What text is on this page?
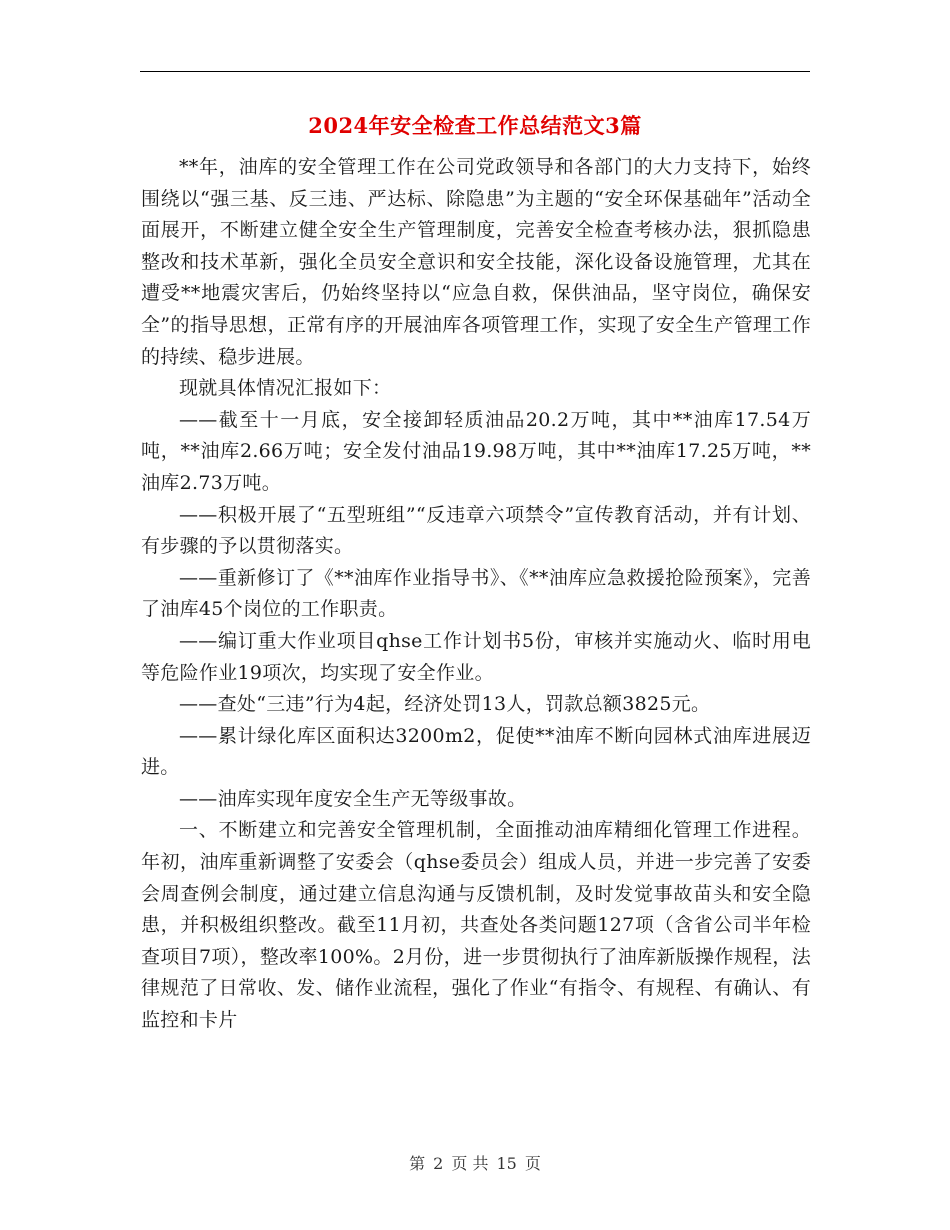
2024年安全检查工作总结范文3篇

**年，油库的安全管理工作在公司党政领导和各部门的大力支持下，始终围绕以“强三基、反三违、严达标、除隐患”为主题的“安全环保基础年”活动全面展开，不断建立健全安全生产管理制度，完善安全检查考核办法，狠抓隐患整改和技术革新，强化全员安全意识和安全技能，深化设备设施管理，尤其在遭受**地震灾害后，仍始终坚持以“应急自救，保供油品，坚守岗位，确保安全”的指导思想，正常有序的开展油库各项管理工作，实现了安全生产管理工作的持续、稳步进展。

现就具体情况汇报如下：

——截至十一月底，安全接卸轻质油品20.2万吨，其中**油库17.54万吨，**油库2.66万吨；安全发付油品19.98万吨，其中**油库17.25万吨，**油库2.73万吨。

——积极开展了“五型班组”“反违章六项禁令”宣传教育活动，并有计划、有步骤的予以贯彻落实。

——重新修订了《**油库作业指导书》、《**油库应急救援抢险预案》，完善了油库45个岗位的工作职责。

——编订重大作业项目qhse工作计划书5份，审核并实施动火、临时用电等危险作业19项次，均实现了安全作业。

——查处“三违”行为4起，经济处罚13人，罚款总额3825元。

——累计绿化库区面积达3200m2，促使**油库不断向园林式油库进展迈进。

——油库实现年度安全生产无等级事故。

一、不断建立和完善安全管理机制，全面推动油库精细化管理工作进程。 年初，油库重新调整了安委会（qhse委员会）组成人员，并进一步完善了安委会周查例会制度，通过建立信息沟通与反馈机制，及时发觉事故苗头和安全隐患，并积极组织整改。截至11月初，共查处各类问题127项（含省公司半年检查项目7项），整改率100%。2月份，进一步贯彻执行了油库新版操作规程，法律规范了日常收、发、储作业流程，强化了作业“有指令、有规程、有确认、有监控和卡片

第 2 页 共 15 页
